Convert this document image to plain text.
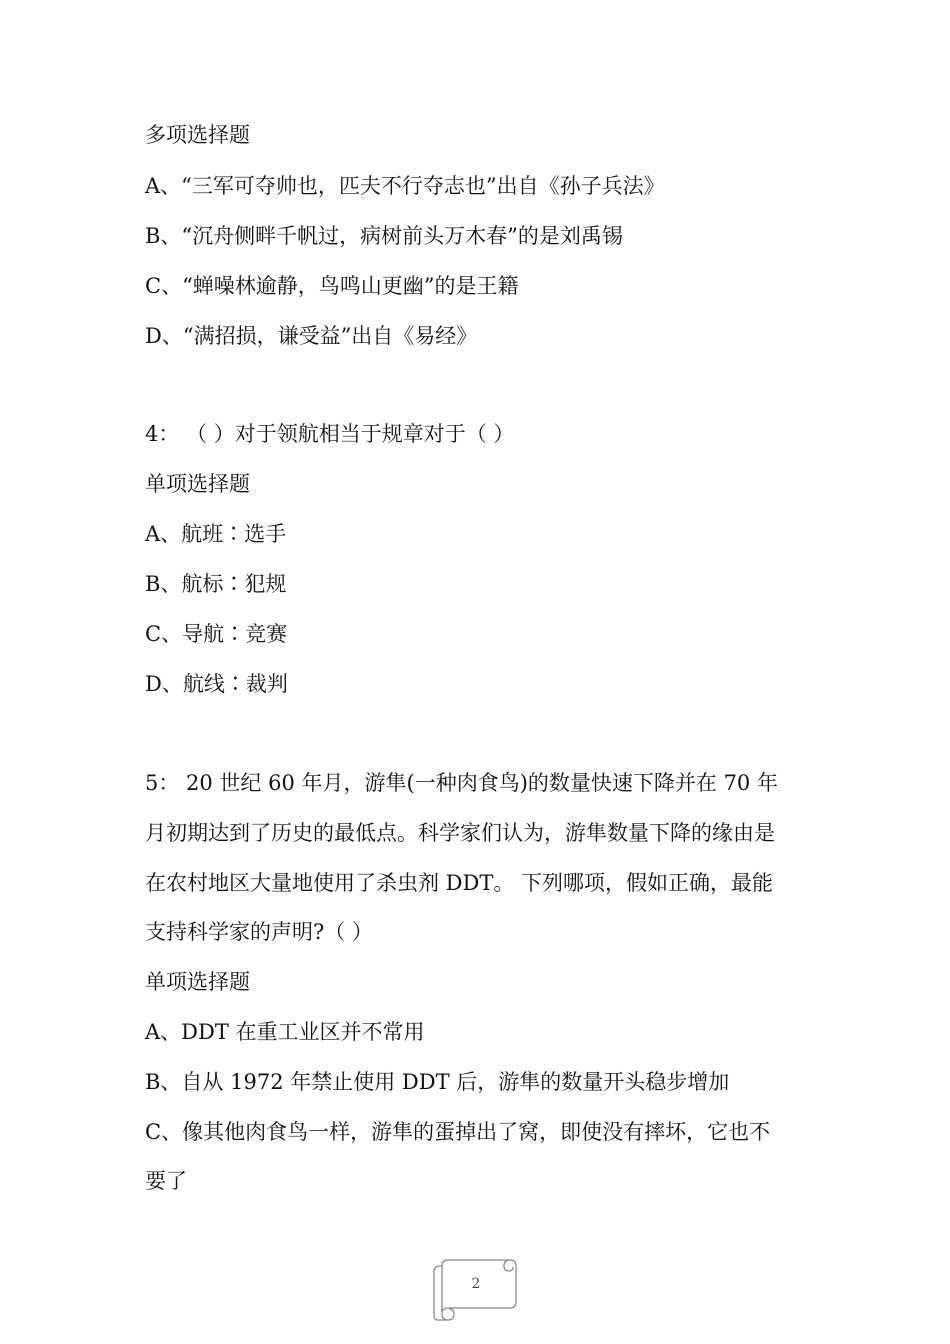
多项选择题
A、“三军可夺帅也，匹夫不行夺志也”出自《孙子兵法》
B、“沉舟侧畔千帆过，病树前头万木春”的是刘禹锡
C、“蝉噪林逾静，鸟鸣山更幽”的是王籍
D、“满招损，谦受益”出自《易经》
4： （ ）对于领航相当于规章对于（ ）
单项选择题
A、航班∶选手
B、航标∶犯规
C、导航∶竞赛
D、航线∶裁判
5： 20 世纪 60 年月，游隼(一种肉食鸟)的数量快速下降并在 70 年
月初期达到了历史的最低点。科学家们认为，游隼数量下降的缘由是
在农村地区大量地使用了杀虫剂 DDT。 下列哪项，假如正确，最能
支持科学家的声明?（ ）
单项选择题
A、DDT 在重工业区并不常用
B、自从 1972 年禁止使用 DDT 后，游隼的数量开头稳步增加
C、像其他肉食鸟一样，游隼的蛋掉出了窝，即使没有摔坏，它也不
要了
2
